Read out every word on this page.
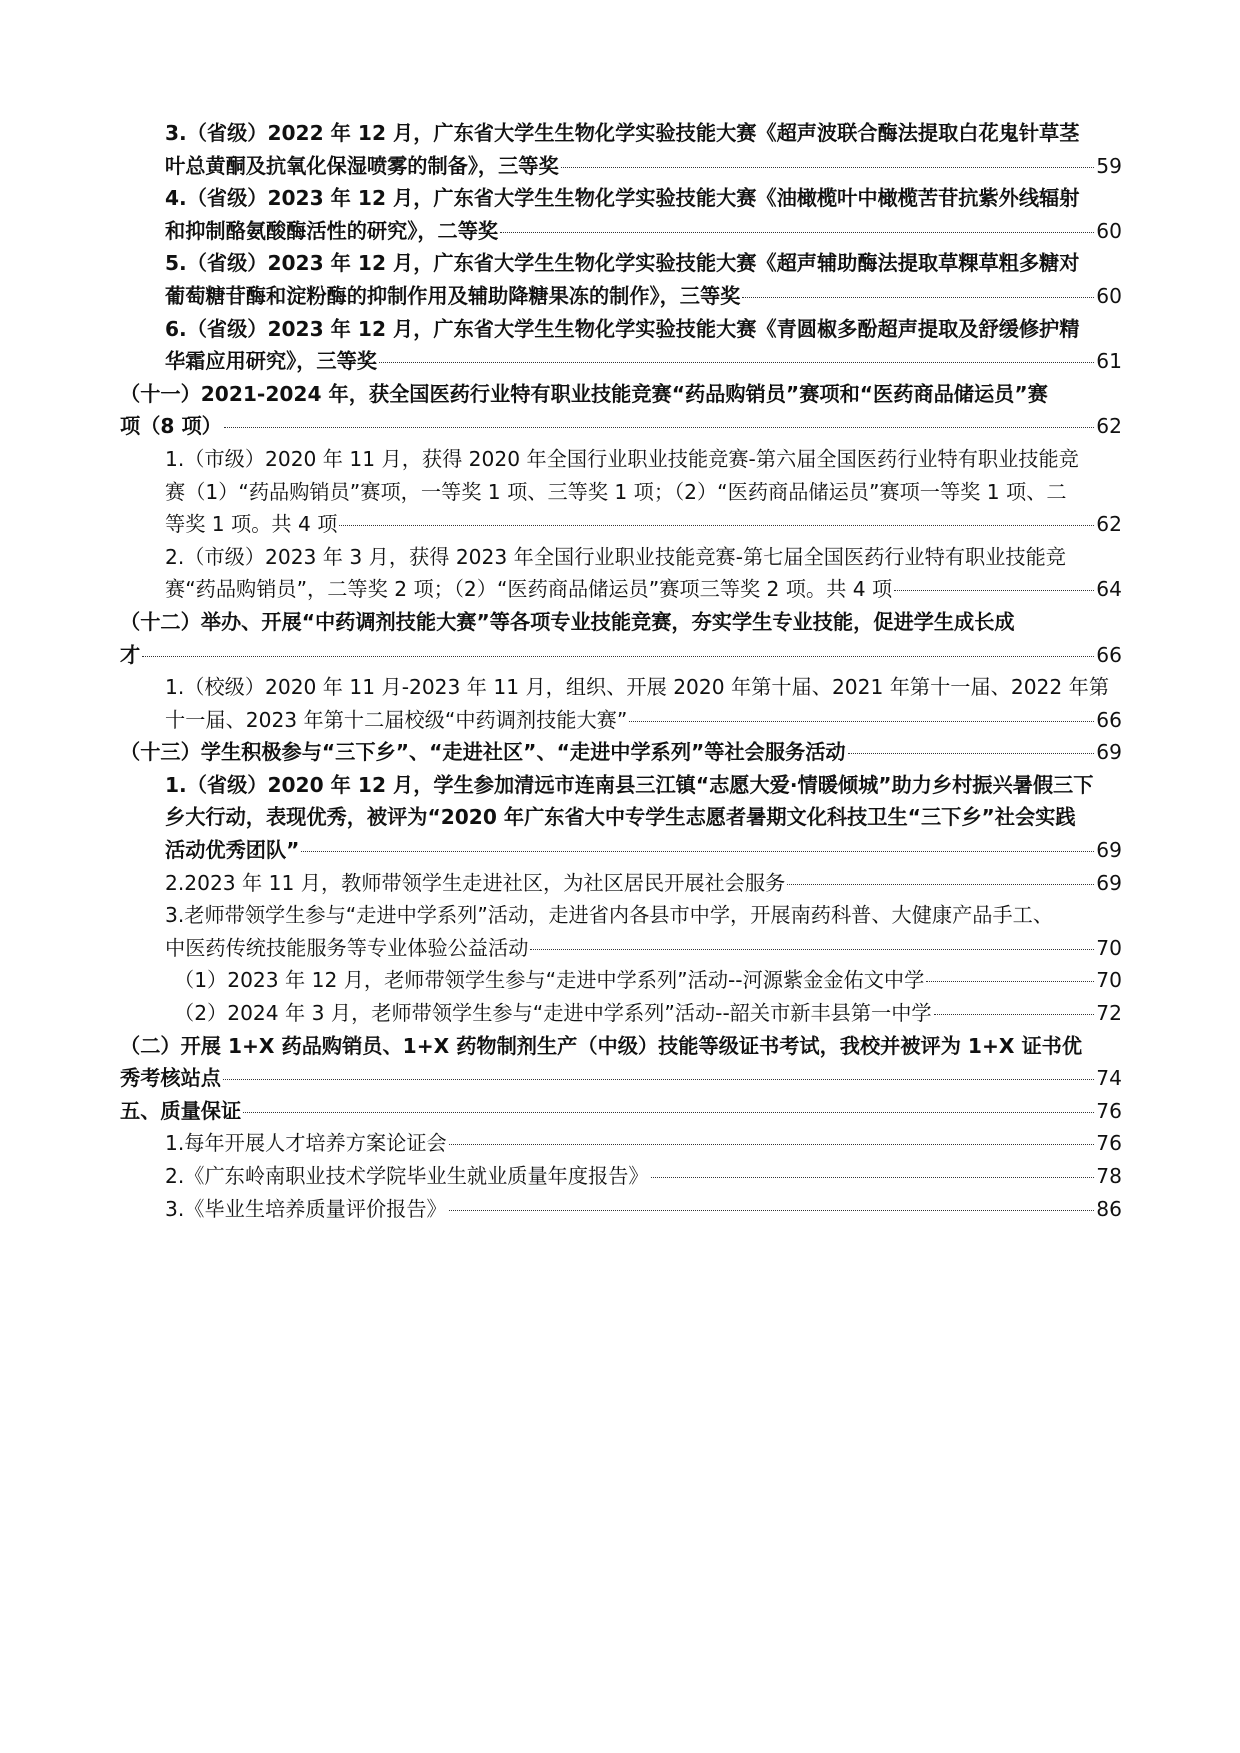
3.（省级）2022 年 12 月，广东省大学生生物化学实验技能大赛《超声波联合酶法提取白花鬼针草茎
叶总黄酮及抗氧化保湿喷雾的制备》，三等奖	59
4.（省级）2023 年 12 月，广东省大学生生物化学实验技能大赛《油橄榄叶中橄榄苦苷抗紫外线辐射
和抑制酪氨酸酶活性的研究》，二等奖	60
5.（省级）2023 年 12 月，广东省大学生生物化学实验技能大赛《超声辅助酶法提取草粿草粗多糖对
葡萄糖苷酶和淀粉酶的抑制作用及辅助降糖果冻的制作》，三等奖	60
6.（省级）2023 年 12 月，广东省大学生生物化学实验技能大赛《青圆椒多酚超声提取及舒缓修护精
华霜应用研究》，三等奖	61
（十一）2021-2024 年，获全国医药行业特有职业技能竞赛“药品购销员”赛项和“医药商品储运员”赛
项（8 项）	62
1.（市级）2020 年 11 月，获得 2020 年全国行业职业技能竞赛-第六届全国医药行业特有职业技能竞
赛（1）“药品购销员”赛项，一等奖 1 项、三等奖 1 项；（2）“医药商品储运员”赛项一等奖 1 项、二
等奖 1 项。共 4 项	62
2.（市级）2023 年 3 月，获得 2023 年全国行业职业技能竞赛-第七届全国医药行业特有职业技能竞
赛“药品购销员”，二等奖 2 项；（2）“医药商品储运员”赛项三等奖 2 项。共 4 项	64
（十二）举办、开展“中药调剂技能大赛”等各项专业技能竞赛，夯实学生专业技能，促进学生成长成
才	66
1.（校级）2020 年 11 月-2023 年 11 月，组织、开展 2020 年第十届、2021 年第十一届、2022 年第
十一届、2023 年第十二届校级“中药调剂技能大赛”	66
（十三）学生积极参与“三下乡”、“走进社区”、“走进中学系列”等社会服务活动	69
1.（省级）2020 年 12 月，学生参加清远市连南县三江镇“志愿大爱·情暖倾城”助力乡村振兴暑假三下
乡大行动，表现优秀，被评为“2020 年广东省大中专学生志愿者暑期文化科技卫生“三下乡”社会实践
活动优秀团队”	69
2.2023 年 11 月，教师带领学生走进社区，为社区居民开展社会服务	69
3.老师带领学生参与“走进中学系列”活动，走进省内各县市中学，开展南药科普、大健康产品手工、
中医药传统技能服务等专业体验公益活动	70
（1）2023 年 12 月，老师带领学生参与“走进中学系列”活动--河源紫金金佑文中学	70
（2）2024 年 3 月，老师带领学生参与“走进中学系列”活动--韶关市新丰县第一中学	72
（二）开展 1+X 药品购销员、1+X 药物制剂生产（中级）技能等级证书考试，我校并被评为 1+X 证书优
秀考核站点	74
五、质量保证	76
1.每年开展人才培养方案论证会	76
2.《广东岭南职业技术学院毕业生就业质量年度报告》	78
3.《毕业生培养质量评价报告》	86
